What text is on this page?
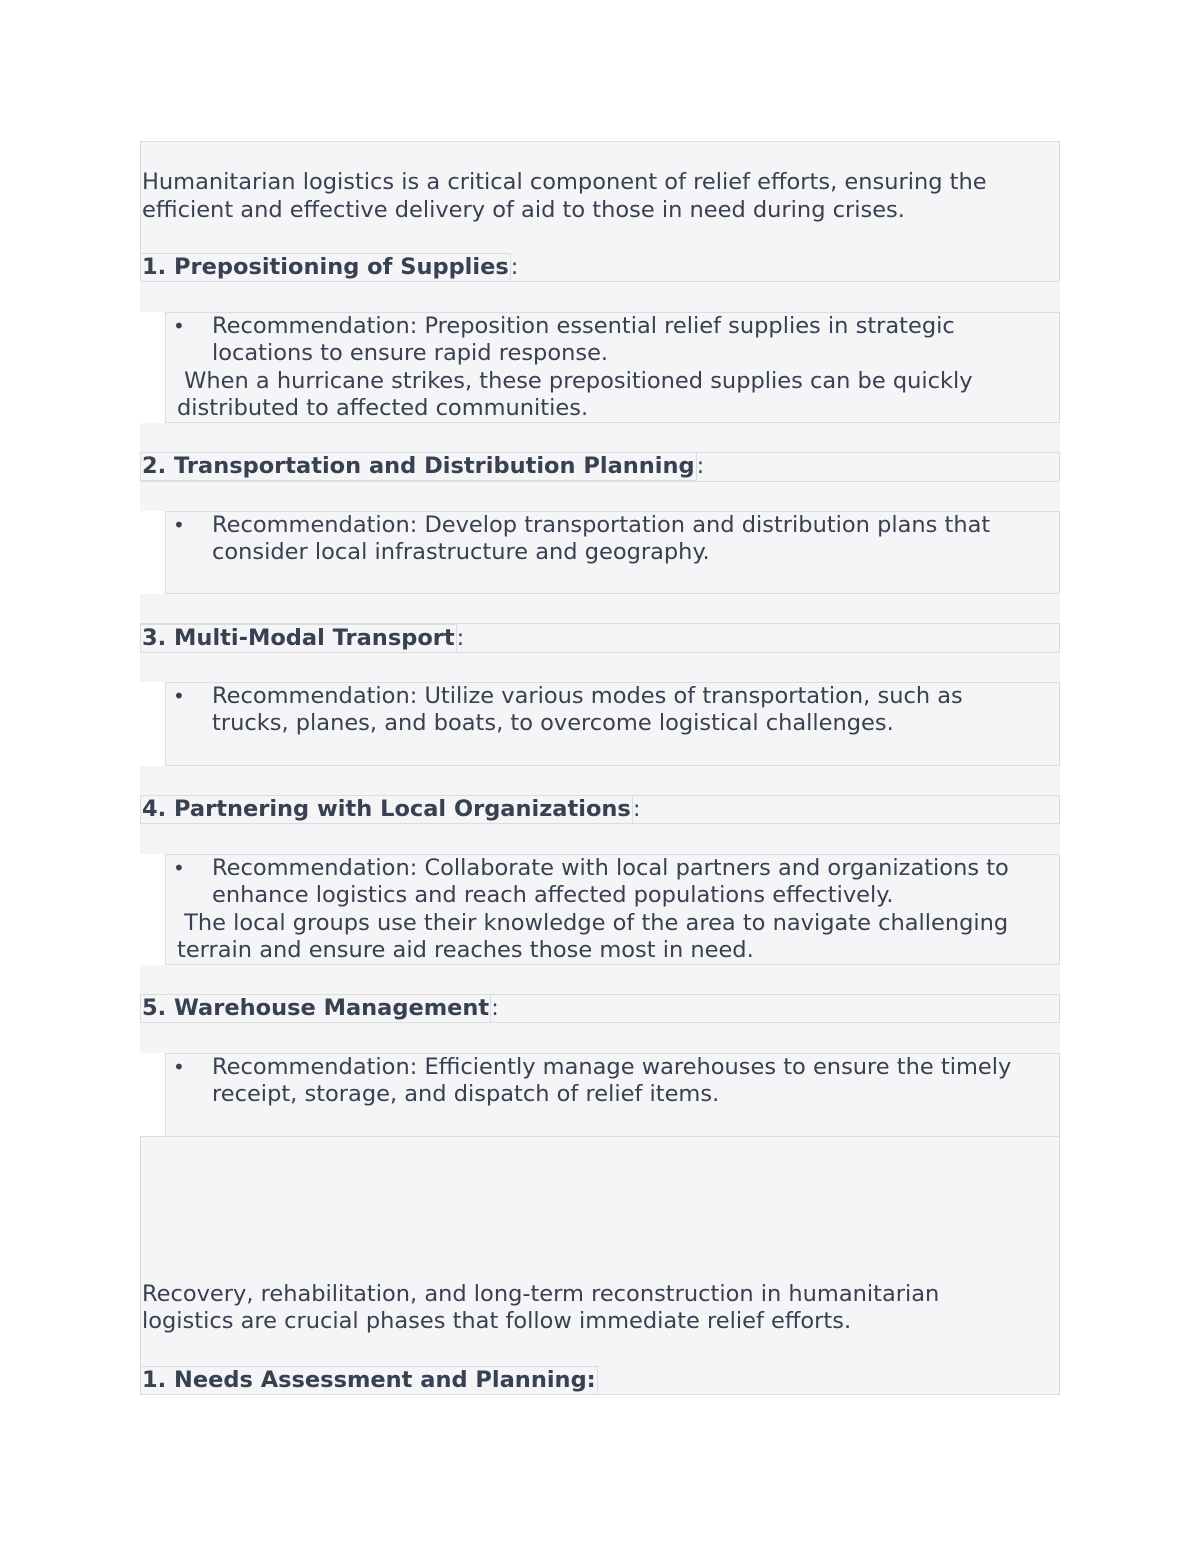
Humanitarian logistics is a critical component of relief efforts, ensuring the
efficient and effective delivery of aid to those in need during crises.
1. Prepositioning of Supplies:
• Recommendation: Preposition essential relief supplies in strategic
locations to ensure rapid response.
When a hurricane strikes, these prepositioned supplies can be quickly
distributed to affected communities.
2. Transportation and Distribution Planning:
• Recommendation: Develop transportation and distribution plans that
consider local infrastructure and geography.
3. Multi-Modal Transport:
• Recommendation: Utilize various modes of transportation, such as
trucks, planes, and boats, to overcome logistical challenges.
4. Partnering with Local Organizations:
• Recommendation: Collaborate with local partners and organizations to
enhance logistics and reach affected populations effectively.
The local groups use their knowledge of the area to navigate challenging
terrain and ensure aid reaches those most in need.
5. Warehouse Management:
• Recommendation: Efficiently manage warehouses to ensure the timely
receipt, storage, and dispatch of relief items.
Recovery, rehabilitation, and long-term reconstruction in humanitarian
logistics are crucial phases that follow immediate relief efforts.
1. Needs Assessment and Planning:
